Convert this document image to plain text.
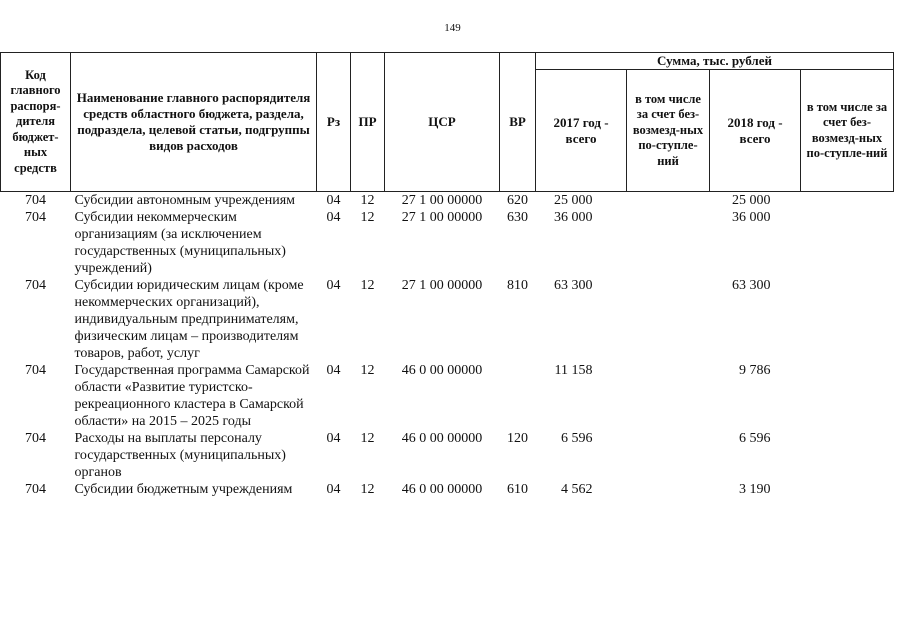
149
Код главного распоря-дителя бюджет-ных средств	Наименование главного распорядителя средств областного бюджета, раздела, подраздела, целевой статьи, подгруппы видов расходов	Рз	ПР	ЦСР	ВР	Сумма, тыс. рублей			
						2017 год - всего	в том числе за счет без-возмезд-ных по-ступле-ний	2018 год - всего	в том числе за счет без-возмезд-ных по-ступле-ний
704	Субсидии автономным учреждениям	04	12	27 1 00 00000	620	25 000		25 000	
704	Субсидии некоммерческим организациям (за исключением государственных (муниципальных) учреждений)	04	12	27 1 00 00000	630	36 000		36 000	
704	Субсидии юридическим лицам (кроме некоммерческих организаций), индивидуальным предпринимателям, физическим лицам – производителям товаров, работ, услуг	04	12	27 1 00 00000	810	63 300		63 300	
704	Государственная программа Самарской области «Развитие туристско-рекреационного кластера в Самарской области» на 2015 – 2025 годы	04	12	46 0 00 00000		11 158		9 786	
704	Расходы на выплаты персоналу государственных (муниципальных) органов	04	12	46 0 00 00000	120	6 596		6 596	
704	Субсидии бюджетным учреждениям	04	12	46 0 00 00000	610	4 562		3 190	
